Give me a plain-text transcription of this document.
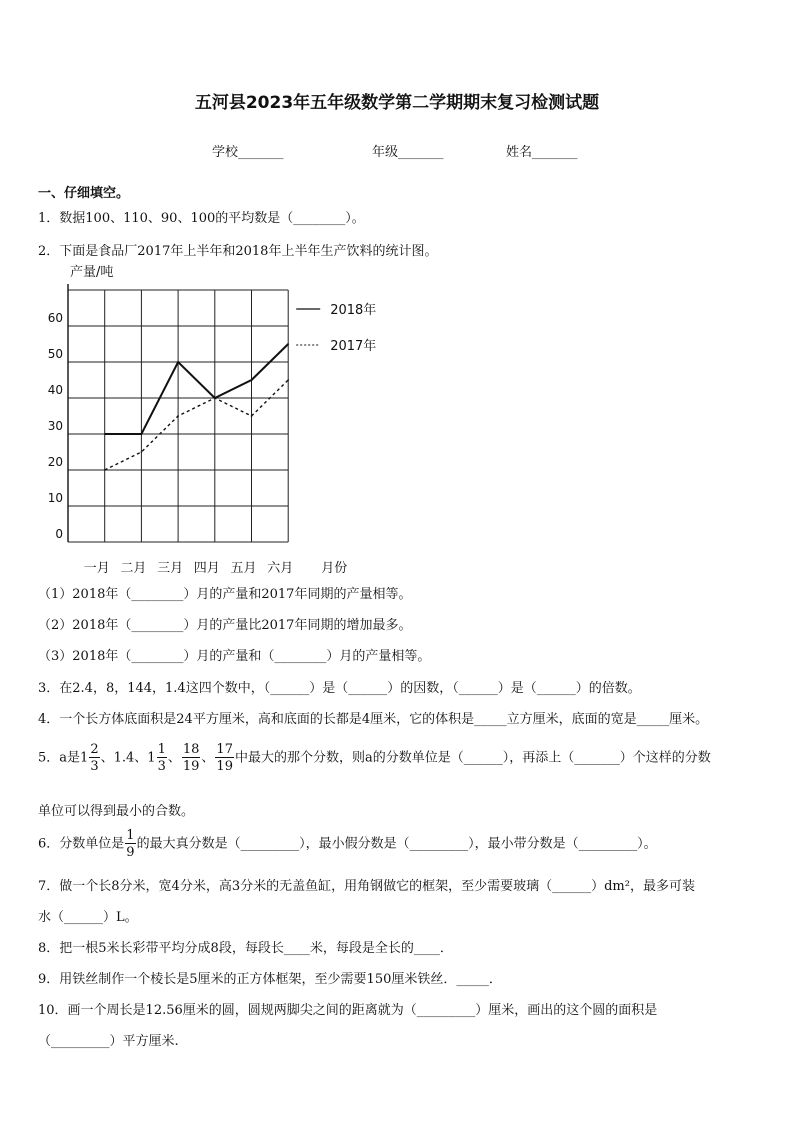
五河县2023年五年级数学第二学期期末复习检测试题
学校_______	年级_______	姓名_______
一、仔细填空。
1．数据100、110、90、100的平均数是（________）。
2．下面是食品厂2017年上半年和2018年上半年生产饮料的统计图。
产量/吨
0
10
20
30
40
50
60
一月 二月 三月 四月 五月 六月 月份
2018年
2017年
（1）2018年（________）月的产量和2017年同期的产量相等。
（2）2018年（________）月的产量比2017年同期的增加最多。
（3）2018年（________）月的产量和（________）月的产量相等。
3．在2.4，8，144，1.4这四个数中，（______）是（______）的因数，（______）是（______）的倍数。
4．一个长方体底面积是24平方厘米，高和底面的长都是4厘米，它的体积是_____立方厘米，底面的宽是_____厘米。
5．a是$1 \frac{2}{3}$ 、1.4、$1 \frac{1}{3}$ 、 $\frac{18}{19}$ 、 $\frac{17}{19}$ 中最大的那个分数，则a的分数单位是（______），再添上（_______）个这样的分数
单位可以得到最小的合数。
6．分数单位是 $\frac{1}{9}$ 的最大真分数是（_________），最小假分数是（_________），最小带分数是（_________）。
7．做一个长8分米，宽4分米，高3分米的无盖鱼缸，用角钢做它的框架，至少需要玻璃（______）dm²，最多可装
水（______）L。
8．把一根5米长彩带平均分成8段，每段长____米，每段是全长的____．
9．用铁丝制作一个棱长是5厘米的正方体框架，至少需要150厘米铁丝．_____．
10．画一个周长是12.56厘米的圆，圆规两脚尖之间的距离就为（_________）厘米，画出的这个圆的面积是
（_________）平方厘米.
